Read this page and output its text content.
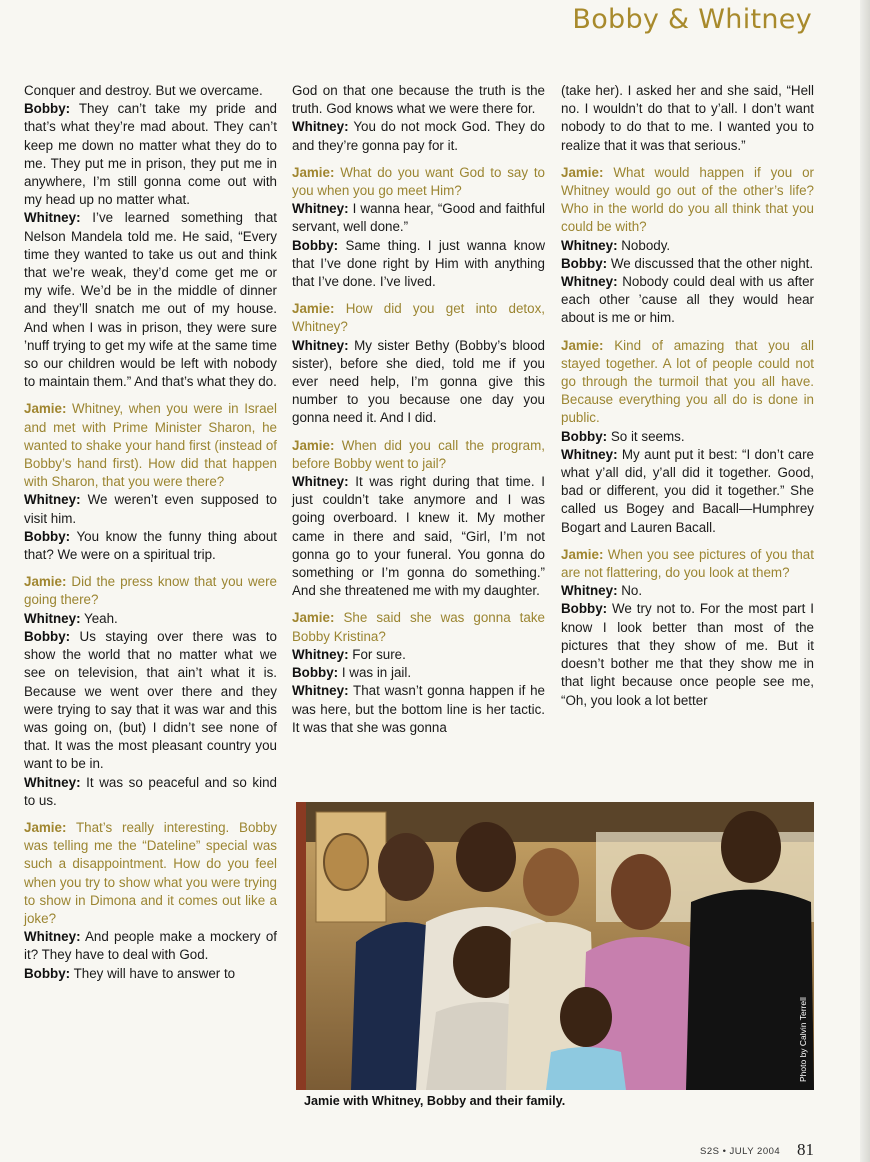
Bobby & Whitney

Conquer and destroy. But we overcame.

Bobby: They can’t take my pride and that’s what they’re mad about. They can’t keep me down no matter what they do to me. They put me in prison, they put me in anywhere, I’m still gonna come out with my head up no matter what.

Whitney: I’ve learned something that Nelson Mandela told me. He said, “Every time they wanted to take us out and think that we’re weak, they’d come get me or my wife. We’d be in the middle of dinner and they’ll snatch me out of my house. And when I was in prison, they were sure ’nuff trying to get my wife at the same time so our children would be left with nobody to maintain them.” And that’s what they do.

Jamie: Whitney, when you were in Israel and met with Prime Minister Sharon, he wanted to shake your hand first (instead of Bobby’s hand first). How did that happen with Sharon, that you were there?

Whitney: We weren’t even supposed to visit him.

Bobby: You know the funny thing about that? We were on a spiritual trip.

Jamie: Did the press know that you were going there?

Whitney: Yeah.

Bobby: Us staying over there was to show the world that no matter what we see on television, that ain’t what it is. Because we went over there and they were trying to say that it was war and this was going on, (but) I didn’t see none of that. It was the most pleasant country you want to be in.

Whitney: It was so peaceful and so kind to us.

Jamie: That’s really interesting. Bobby was telling me the “Dateline” special was such a disappointment. How do you feel when you try to show what you were trying to show in Dimona and it comes out like a joke?

Whitney: And people make a mockery of it? They have to deal with God.

Bobby: They will have to answer to

God on that one because the truth is the truth. God knows what we were there for.

Whitney: You do not mock God. They do and they’re gonna pay for it.

Jamie: What do you want God to say to you when you go meet Him?

Whitney: I wanna hear, “Good and faithful servant, well done.”

Bobby: Same thing. I just wanna know that I’ve done right by Him with anything that I’ve done. I’ve lived.

Jamie: How did you get into detox, Whitney?

Whitney: My sister Bethy (Bobby’s blood sister), before she died, told me if you ever need help, I’m gonna give this number to you because one day you gonna need it. And I did.

Jamie: When did you call the program, before Bobby went to jail?

Whitney: It was right during that time. I just couldn’t take anymore and I was going overboard. I knew it. My mother came in there and said, “Girl, I’m not gonna go to your funeral. You gonna do something or I’m gonna do something.” And she threatened me with my daughter.

Jamie: She said she was gonna take Bobby Kristina?

Whitney: For sure.

Bobby: I was in jail.

Whitney: That wasn’t gonna happen if he was here, but the bottom line is her tactic. It was that she was gonna

(take her). I asked her and she said, “Hell no. I wouldn’t do that to y’all. I don’t want nobody to do that to me. I wanted you to realize that it was that serious.”

Jamie: What would happen if you or Whitney would go out of the other’s life? Who in the world do you all think that you could be with?

Whitney: Nobody.

Bobby: We discussed that the other night.

Whitney: Nobody could deal with us after each other ’cause all they would hear about is me or him.

Jamie: Kind of amazing that you all stayed together. A lot of people could not go through the turmoil that you all have. Because everything you all do is done in public.

Bobby: So it seems.

Whitney: My aunt put it best: “I don’t care what y’all did, y’all did it together. Good, bad or different, you did it together.” She called us Bogey and Bacall—Humphrey Bogart and Lauren Bacall.

Jamie: When you see pictures of you that are not flattering, do you look at them?

Whitney: No.

Bobby: We try not to. For the most part I know I look better than most of the pictures that they show of me. But it doesn’t bother me that they show me in that light because once people see me, “Oh, you look a lot better

Photo by Calvin Terrell
Jamie with Whitney, Bobby and their family.
S2S • JULY 2004 81
